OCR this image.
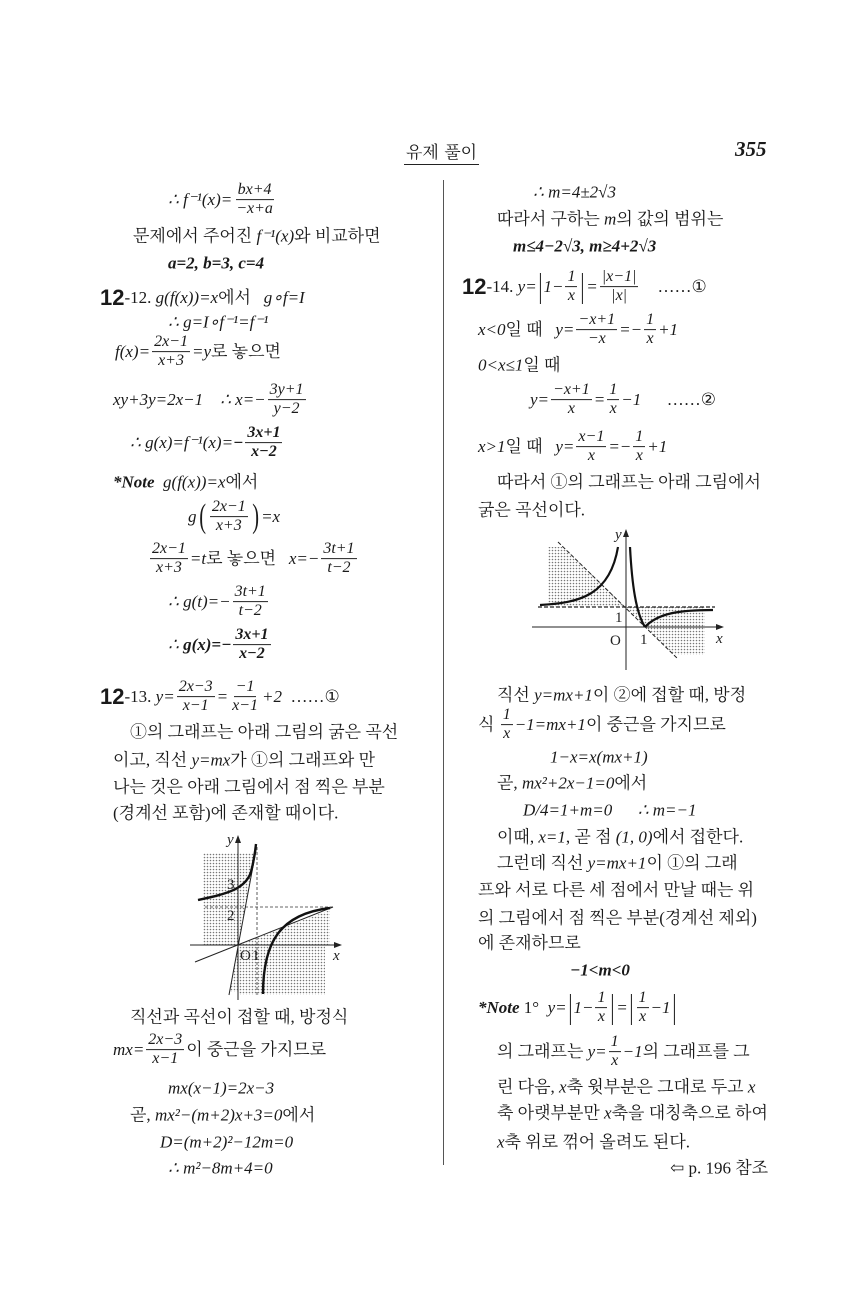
유제 풀이	355
∴ $f^{-1}(x)= \frac{bx+4}{-x+a}$
문제에서 주어진 f⁻¹(x)와 비교하면
a=2, b=3, c=4
12-12. g(f(x))=x에서   g∘f=I
∴ g=I∘f⁻¹=f⁻¹
$f(x)= \frac{2x-1}{x+3} =y$로 놓으면
xy+3y=2x−1    ∴ $x=- \frac{3y+1}{y-2}$
∴ $g(x)=f^{-1}(x)=- \frac{3x+1}{x-2}$
*Note g(f(x))=x에서
$g( \frac{2x-1}{x+3}$ ) =x
$\frac{2x-1}{x+3} =t$로 놓으면   $x=- \frac{3t+1}{t-2}$
∴ $g(t)=- \frac{3t+1}{t-2}$
∴ $g(x)=- \frac{3x+1}{x-2}$
12-13. $y= \frac{2x-3}{x-1} = \frac{-1}{x-1} +2$  ……①
①의 그래프는 아래 그림의 굵은 곡선
이고, 직선 y=mx가 ①의 그래프와 만
나는 것은 아래 그림에서 점 찍은 부분
(경계선 포함)에 존재할 때이다.
직선과 곡선이 접할 때, 방정식
$mx= \frac{2x-3}{x-1}$ 이 중근을 가지므로
mx(x−1)=2x−3
곧, mx²−(m+2)x+3=0에서
D=(m+2)²−12m=0
∴ m²−8m+4=0
∴ m=4±2√3
따라서 구하는 m의 값의 범위는
m≤4−2√3, m≥4+2√3
12-14. $y=|1- \frac{1}{x}$ |= $\frac{|x-1|}{|x|}$ ……①
x<0일 때   $y= \frac{-x+1}{-x} =- \frac{1}{x} +1$
0<x≤1일 때
$y= \frac{-x+1}{x} = \frac{1}{x} -1$      ……②
x>1일 때   $y= \frac{x-1}{x} =- \frac{1}{x} +1$
따라서 ①의 그래프는 아래 그림에서
굵은 곡선이다.
직선 y=mx+1이 ②에 접할 때, 방정
식 $\frac{1}{x} -1=mx+1$이 중근을 가지므로
1−x=x(mx+1)
곧, mx²+2x−1=0에서
D/4=1+m=0      ∴ m=−1
이때, x=1, 곧 점 (1, 0)에서 접한다.
그런데 직선 y=mx+1이 ①의 그래
프와 서로 다른 세 점에서 만날 때는 위
의 그림에서 점 찍은 부분(경계선 제외)
에 존재하므로
−1<m<0
*Note 1°  $y=|1- \frac{1}{x}$ |=| $\frac{1}{x} -1|$
의 그래프는 $y= \frac{1}{x} -1$의 그래프를 그
린 다음, x축 윗부분은 그대로 두고 x
축 아랫부분만 x축을 대칭축으로 하여
x축 위로 꺾어 올려도 된다.
⇦ p. 196 참조
y
x
O 1
2
3
y
x
O 1
1
